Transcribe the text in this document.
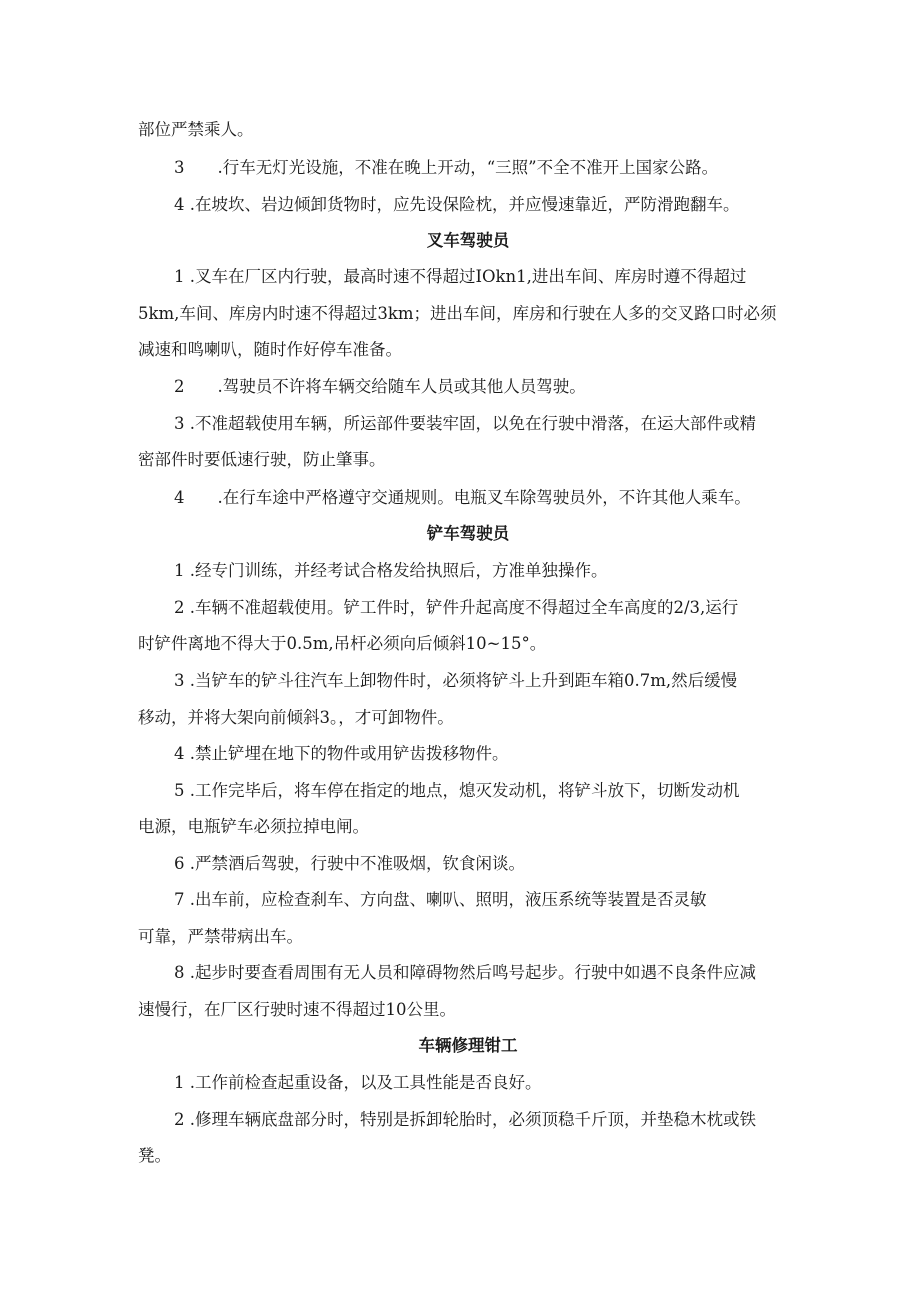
部位严禁乘人。
3　　.行车无灯光设施，不准在晚上开动，“三照”不全不准开上国家公路。
4 .在坡坎、岩边倾卸货物时，应先设保险枕，并应慢速靠近，严防滑跑翻车。
叉车驾驶员
1 .叉车在厂区内行驶，最高时速不得超过IOkn1,进出车间、库房时遵不得超过
5km,车间、库房内时速不得超过3km；进出车间，库房和行驶在人多的交叉路口时必须
减速和鸣喇叭，随时作好停车准备。
2　　.驾驶员不许将车辆交给随车人员或其他人员驾驶。
3 .不准超载使用车辆，所运部件要装牢固，以免在行驶中滑落，在运大部件或精
密部件时要低速行驶，防止肇事。
4　　.在行车途中严格遵守交通规则。电瓶叉车除驾驶员外，不许其他人乘车。
铲车驾驶员
1 .经专门训练，并经考试合格发给执照后，方准单独操作。
2 .车辆不准超载使用。铲工件时，铲件升起高度不得超过全车高度的2/3,运行
时铲件离地不得大于0.5m,吊杆必须向后倾斜10~15°。
3 .当铲车的铲斗往汽车上卸物件时，必须将铲斗上升到距车箱0.7m,然后缓慢
移动，并将大架向前倾斜3。，才可卸物件。
4 .禁止铲埋在地下的物件或用铲齿拨移物件。
5 .工作完毕后，将车停在指定的地点，熄灭发动机，将铲斗放下，切断发动机
电源，电瓶铲车必须拉掉电闸。
6 .严禁酒后驾驶，行驶中不准吸烟，钦食闲谈。
7 .出车前，应检查刹车、方向盘、喇叭、照明，液压系统等装置是否灵敏
可靠，严禁带病出车。
8 .起步时要查看周围有无人员和障碍物然后鸣号起步。行驶中如遇不良条件应减
速慢行，在厂区行驶时速不得超过10公里。
车辆修理钳工
1 .工作前检查起重设备，以及工具性能是否良好。
2 .修理车辆底盘部分时，特别是拆卸轮胎时，必须顶稳千斤顶，并垫稳木枕或铁
凳。
